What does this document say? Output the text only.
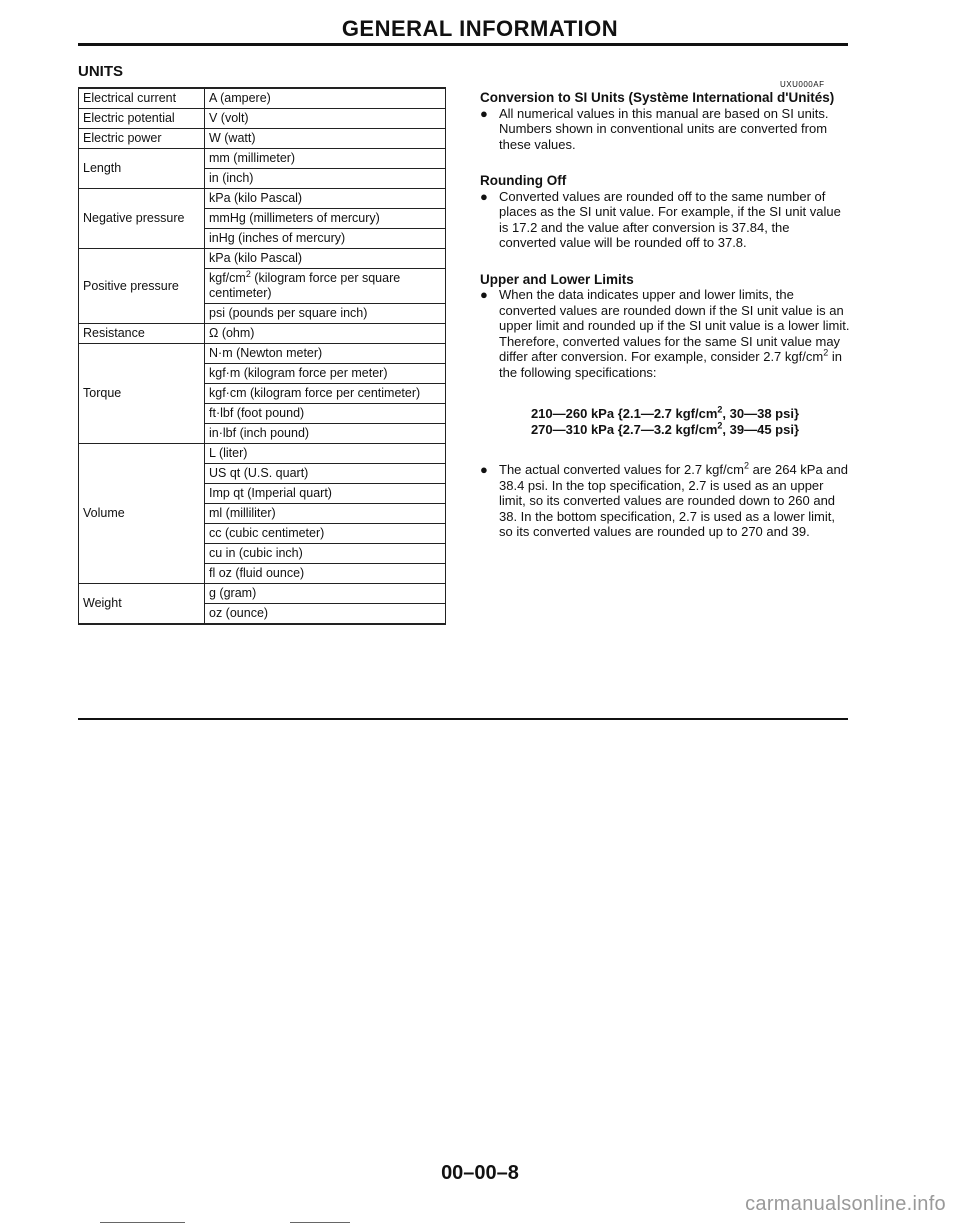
GENERAL INFORMATION
UNITS
Electrical current	A (ampere)
Electric potential	V (volt)
Electric power	W (watt)
Length	mm (millimeter)
	in (inch)
Negative pressure	kPa (kilo Pascal)
	mmHg (millimeters of mercury)
	inHg (inches of mercury)
Positive pressure	kPa (kilo Pascal)
	kgf/$cm^2$ (kilogram force per square centimeter)
	psi (pounds per square inch)
Resistance	Ω (ohm)
Torque	N·m (Newton meter)
	kgf·m (kilogram force per meter)
	kgf·cm (kilogram force per centimeter)
	ft·lbf (foot pound)
	in·lbf (inch pound)
Volume	L (liter)
	US qt (U.S. quart)
	Imp qt (Imperial quart)
	ml (milliliter)
	cc (cubic centimeter)
	cu in (cubic inch)
	fl oz (fluid ounce)
Weight	g (gram)
	oz (ounce)
UXU000AF

Conversion to SI Units (Système International d'Unités)

● All numerical values in this manual are based on SI units. Numbers shown in conventional units are converted from these values.

Rounding Off

● Converted values are rounded off to the same number of places as the SI unit value. For example, if the SI unit value is 17.2 and the value after conversion is 37.84, the converted value will be rounded off to 37.8.

Upper and Lower Limits

● When the data indicates upper and lower limits, the converted values are rounded down if the SI unit value is an upper limit and rounded up if the SI unit value is a lower limit. Therefore, converted values for the same SI unit value may differ after conversion. For example, consider 2.7 kgf/$cm^2$ in the following specifications:
210—260 kPa {2.1—2.7 kgf/$cm^2$, 30—38 psi}
270—310 kPa {2.7—3.2 kgf/$cm^2$, 39—45 psi}
● The actual converted values for 2.7 kgf/$cm^2$ are 264 kPa and 38.4 psi. In the top specification, 2.7 is used as an upper limit, so its converted values are rounded down to 260 and 38. In the bottom specification, 2.7 is used as a lower limit, so its converted values are rounded up to 270 and 39.
00–00–8
carmanualsonline.info
